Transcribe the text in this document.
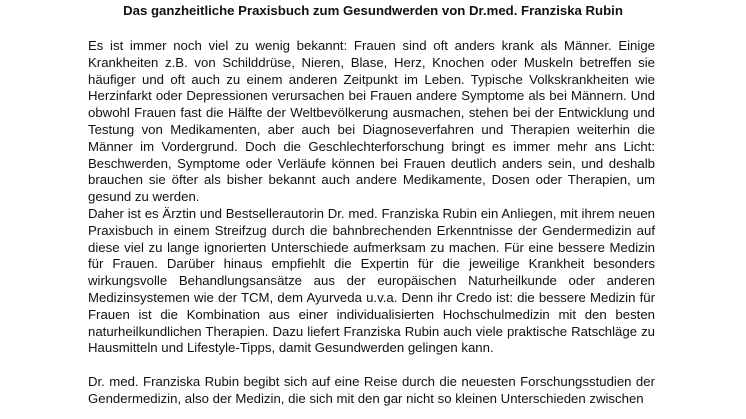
Das ganzheitliche Praxisbuch zum Gesundwerden von Dr.med. Franziska Rubin

Es ist immer noch viel zu wenig bekannt: Frauen sind oft anders krank als Männer. Einige Krankheiten z.B. von Schilddrüse, Nieren, Blase, Herz, Knochen oder Muskeln betreffen sie häufiger und oft auch zu einem anderen Zeitpunkt im Leben. Typische Volkskrankheiten wie Herzinfarkt oder Depressionen verursachen bei Frauen andere Symptome als bei Männern. Und obwohl Frauen fast die Hälfte der Weltbevölkerung ausmachen, stehen bei der Entwicklung und Testung von Medikamenten, aber auch bei Diagnoseverfahren und Therapien weiterhin die Männer im Vordergrund. Doch die Geschlechterforschung bringt es immer mehr ans Licht: Beschwerden, Symptome oder Verläufe können bei Frauen deutlich anders sein, und deshalb brauchen sie öfter als bisher bekannt auch andere Medikamente, Dosen oder Therapien, um gesund zu werden.

Daher ist es Ärztin und Bestsellerautorin Dr. med. Franziska Rubin ein Anliegen, mit ihrem neuen Praxisbuch in einem Streifzug durch die bahnbrechenden Erkenntnisse der Gendermedizin auf diese viel zu lange ignorierten Unterschiede aufmerksam zu machen. Für eine bessere Medizin für Frauen. Darüber hinaus empfiehlt die Expertin für die jeweilige Krankheit besonders wirkungsvolle Behandlungsansätze aus der europäischen Naturheilkunde oder anderen Medizinsystemen wie der TCM, dem Ayurveda u.v.a. Denn ihr Credo ist: die bessere Medizin für Frauen ist die Kombination aus einer individualisierten Hochschulmedizin mit den besten naturheilkundlichen Therapien. Dazu liefert Franziska Rubin auch viele praktische Ratschläge zu Hausmitteln und Lifestyle-Tipps, damit Gesundwerden gelingen kann.

Dr. med. Franziska Rubin begibt sich auf eine Reise durch die neuesten Forschungsstudien der Gendermedizin, also der Medizin, die sich mit den gar nicht so kleinen Unterschieden zwischen
